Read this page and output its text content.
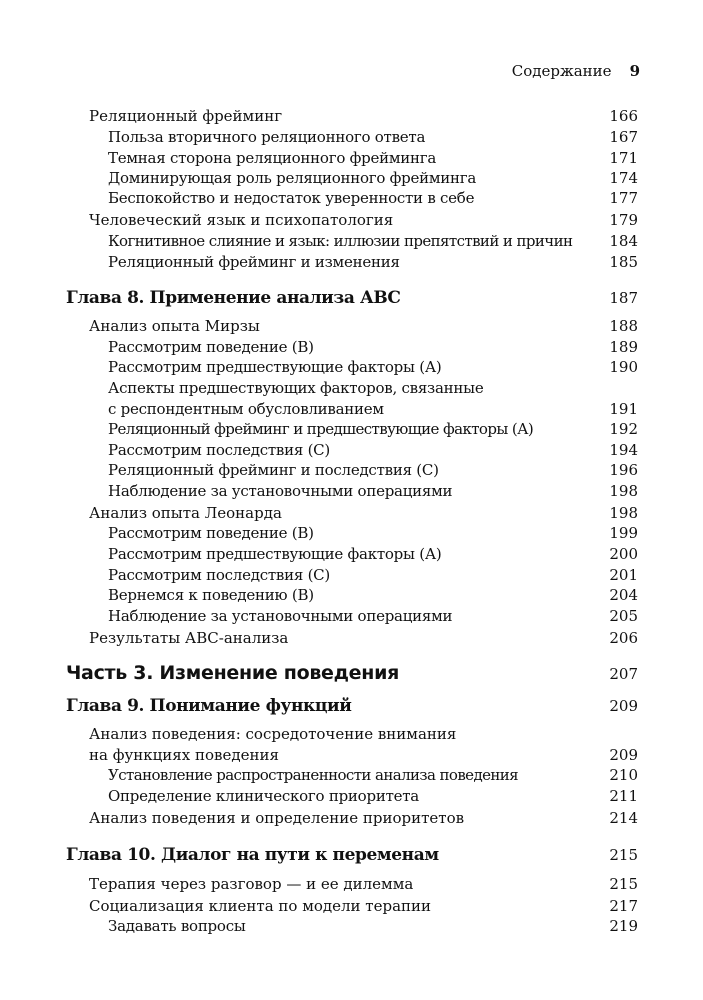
Содержание 9
Реляционный фрейминг	166
Польза вторичного реляционного ответа	167
Темная сторона реляционного фрейминга	171
Доминирующая роль реляционного фрейминга	174
Беспокойство и недостаток уверенности в себе	177
Человеческий язык и психопатология	179
Когнитивное слияние и язык: иллюзии препятствий и причин 184
Реляционный фрейминг и изменения	185
Глава 8. Применение анализа АВС	187
Анализ опыта Мирзы	188
Рассмотрим поведение (В)	189
Рассмотрим предшествующие факторы (А)	190
Аспекты предшествующих факторов, связанные
с респондентным обусловливанием	191
Реляционный фрейминг и предшествующие факторы (А)	192
Рассмотрим последствия (С)	194
Реляционный фрейминг и последствия (С)	196
Наблюдение за установочными операциями	198
Анализ опыта Леонарда	198
Рассмотрим поведение (В)	199
Рассмотрим предшествующие факторы (А)	200
Рассмотрим последствия (С)	201
Вернемся к поведению (В)	204
Наблюдение за установочными операциями	205
Результаты АВС-анализа	206
Часть 3. Изменение поведения	207
Глава 9. Понимание функций	209
Анализ поведения: сосредоточение внимания
на функциях поведения	209
Установление распространенности анализа поведения	210
Определение клинического приоритета	211
Анализ поведения и определение приоритетов	214
Глава 10. Диалог на пути к переменам	215
Терапия через разговор — и ее дилемма	215
Социализация клиента по модели терапии	217
Задавать вопросы	219
